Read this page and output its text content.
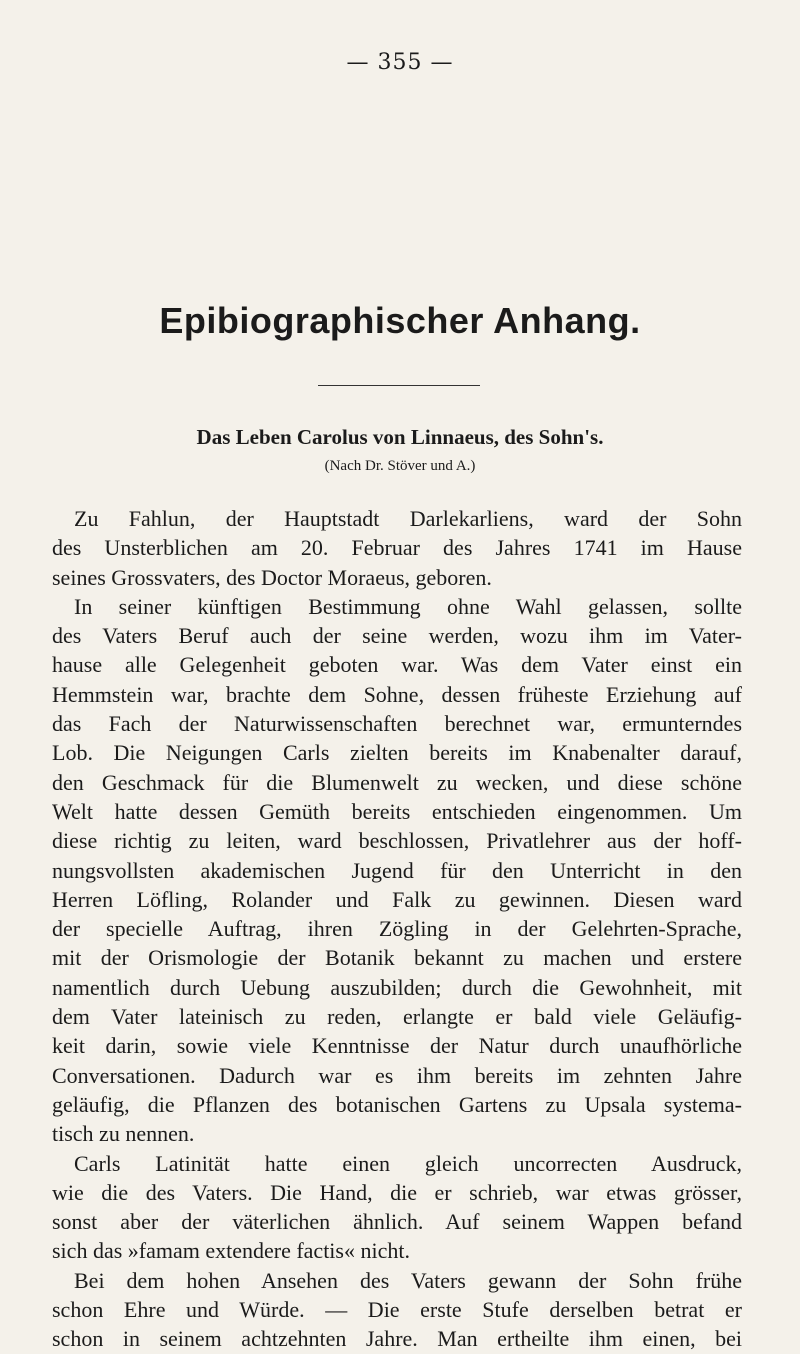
— 355 —
Epibiographischer Anhang.
Das Leben Carolus von Linnaeus, des Sohn's.
(Nach Dr. Stöver und A.)
Zu Fahlun, der Hauptstadt Darlekarliens, ward der Sohn
des Unsterblichen am 20. Februar des Jahres 1741 im Hause
seines Grossvaters, des Doctor Moraeus, geboren.
In seiner künftigen Bestimmung ohne Wahl gelassen, sollte
des Vaters Beruf auch der seine werden, wozu ihm im Vater-
hause alle Gelegenheit geboten war. Was dem Vater einst ein
Hemmstein war, brachte dem Sohne, dessen früheste Erziehung auf
das Fach der Naturwissenschaften berechnet war, ermunterndes
Lob. Die Neigungen Carls zielten bereits im Knabenalter darauf,
den Geschmack für die Blumenwelt zu wecken, und diese schöne
Welt hatte dessen Gemüth bereits entschieden eingenommen. Um
diese richtig zu leiten, ward beschlossen, Privatlehrer aus der hoff-
nungsvollsten akademischen Jugend für den Unterricht in den
Herren Löfling, Rolander und Falk zu gewinnen. Diesen ward
der specielle Auftrag, ihren Zögling in der Gelehrten-Sprache,
mit der Orismologie der Botanik bekannt zu machen und erstere
namentlich durch Uebung auszubilden; durch die Gewohnheit, mit
dem Vater lateinisch zu reden, erlangte er bald viele Geläufig-
keit darin, sowie viele Kenntnisse der Natur durch unaufhörliche
Conversationen. Dadurch war es ihm bereits im zehnten Jahre
geläufig, die Pflanzen des botanischen Gartens zu Upsala systema-
tisch zu nennen.
Carls Latinität hatte einen gleich uncorrecten Ausdruck,
wie die des Vaters. Die Hand, die er schrieb, war etwas grösser,
sonst aber der väterlichen ähnlich. Auf seinem Wappen befand
sich das »famam extendere factis« nicht.
Bei dem hohen Ansehen des Vaters gewann der Sohn frühe
schon Ehre und Würde. — Die erste Stufe derselben betrat er
schon in seinem achtzehnten Jahre. Man ertheilte ihm einen, bei
